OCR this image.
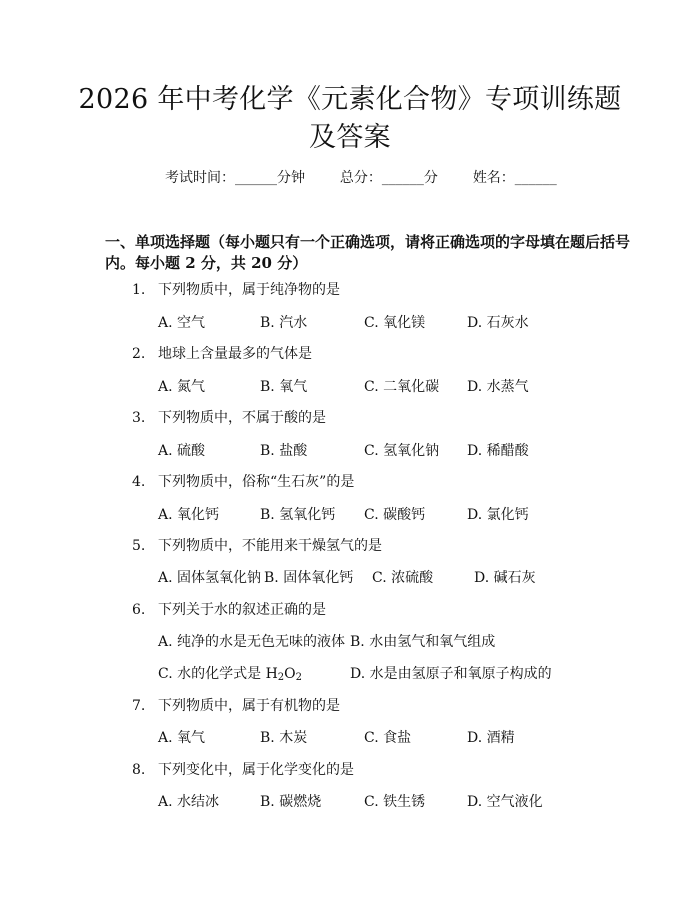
2026 年中考化学《元素化合物》专项训练题
及答案
考试时间：______分钟 总分：______分 姓名：______
一、单项选择题（每小题只有一个正确选项，请将正确选项的字母填在题后括号
内。每小题 2 分，共 20 分）
1. 下列物质中，属于纯净物的是
A. 空气	B. 汽水	C. 氧化镁	D. 石灰水
2. 地球上含量最多的气体是
A. 氮气	B. 氧气	C. 二氧化碳 D. 水蒸气
3. 下列物质中，不属于酸的是
A. 硫酸	B. 盐酸	C. 氢氧化钠 D. 稀醋酸
4. 下列物质中，俗称“生石灰”的是
A. 氧化钙	B. 氢氧化钙 C. 碳酸钙	D. 氯化钙
5. 下列物质中，不能用来干燥氢气的是
A. 固体氢氧化钠 B. 固体氧化钙 C. 浓硫酸	D. 碱石灰
6. 下列关于水的叙述正确的是
A. 纯净的水是无色无味的液体 B. 水由氢气和氧气组成
C. 水的化学式是 $H_2O_2$	D. 水是由氢原子和氧原子构成的
7. 下列物质中，属于有机物的是
A. 氧气	B. 木炭	C. 食盐	D. 酒精
8. 下列变化中，属于化学变化的是
A. 水结冰	B. 碳燃烧	C. 铁生锈	D. 空气液化
